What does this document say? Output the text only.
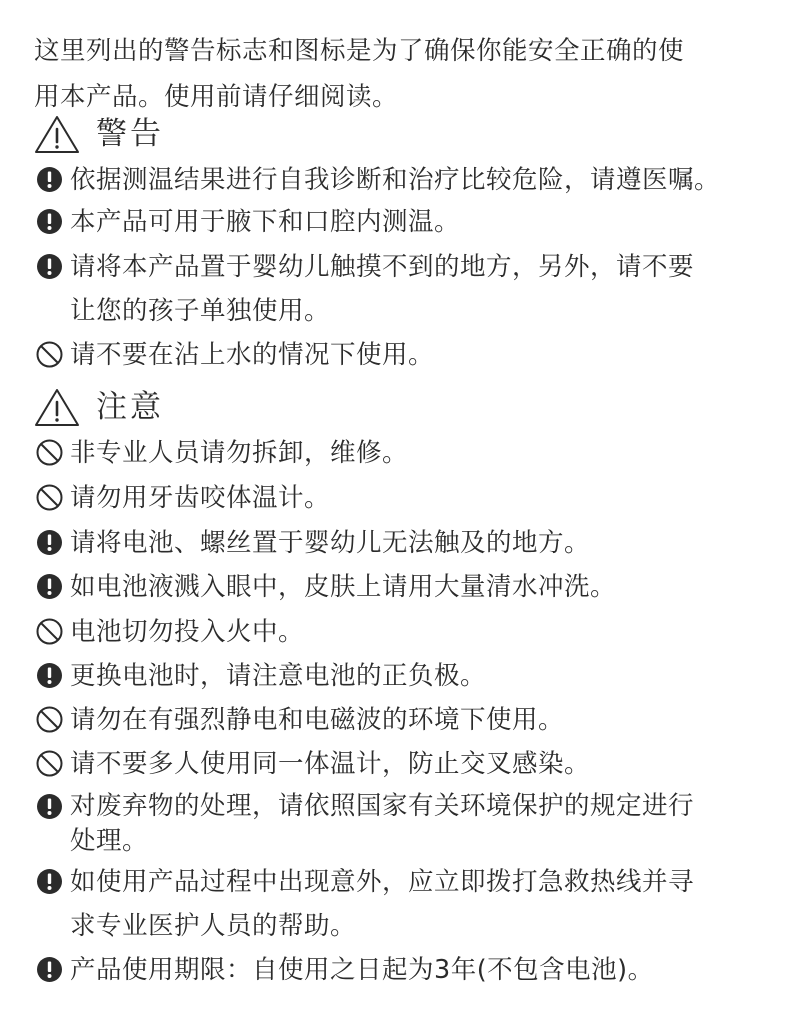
这里列出的警告标志和图标是为了确保你能安全正确的使
用本产品。使用前请仔细阅读。
警告
依据测温结果进行自我诊断和治疗比较危险，请遵医嘱。
本产品可用于腋下和口腔内测温。
请将本产品置于婴幼儿触摸不到的地方，另外，请不要
让您的孩子单独使用。
请不要在沾上水的情况下使用。
注意
非专业人员请勿拆卸，维修。
请勿用牙齿咬体温计。
请将电池、螺丝置于婴幼儿无法触及的地方。
如电池液溅入眼中，皮肤上请用大量清水冲洗。
电池切勿投入火中。
更换电池时，请注意电池的正负极。
请勿在有强烈静电和电磁波的环境下使用。
请不要多人使用同一体温计，防止交叉感染。
对废弃物的处理，请依照国家有关环境保护的规定进行
处理。
如使用产品过程中出现意外，应立即拨打急救热线并寻
求专业医护人员的帮助。
产品使用期限：自使用之日起为3年(不包含电池)。
